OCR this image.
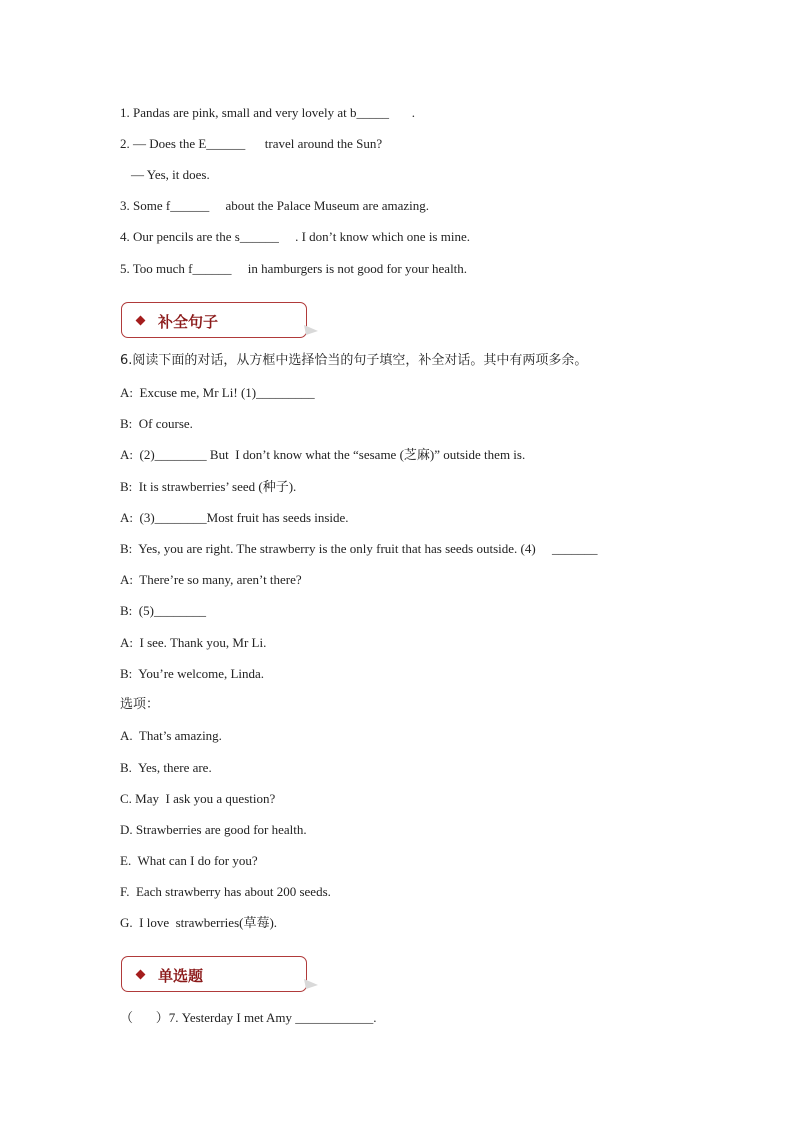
1. Pandas are pink, small and very lovely at b_____       .
2. — Does the E______      travel around the Sun?
— Yes, it does.
3. Some f______     about the Palace Museum are amazing.
4. Our pencils are the s______     . I don’t know which one is mine.
5. Too much f______     in hamburgers is not good for your health.
补全句子
6.阅读下面的对话，从方框中选择恰当的句子填空，补全对话。其中有两项多余。
A:  Excuse me, Mr Li! (1)_________
B:  Of course.
A:  (2)________ But  I don’t know what the “sesame (芝麻)” outside them is.
B:  It is strawberries’ seed (种子).
A:  (3)________Most fruit has seeds inside.
B:  Yes, you are right. The strawberry is the only fruit that has seeds outside. (4)     _______
A:  There’re so many, aren’t there?
B:  (5)________
A:  I see. Thank you, Mr Li.
B:  You’re welcome, Linda.
选项：
A.  That’s amazing.
B.  Yes, there are.
C. May  I ask you a question?
D. Strawberries are good for health.
E.  What can I do for you?
F.  Each strawberry has about 200 seeds.
G.  I love  strawberries(草莓).
单选题
（       ）7. Yesterday I met Amy ____________.
